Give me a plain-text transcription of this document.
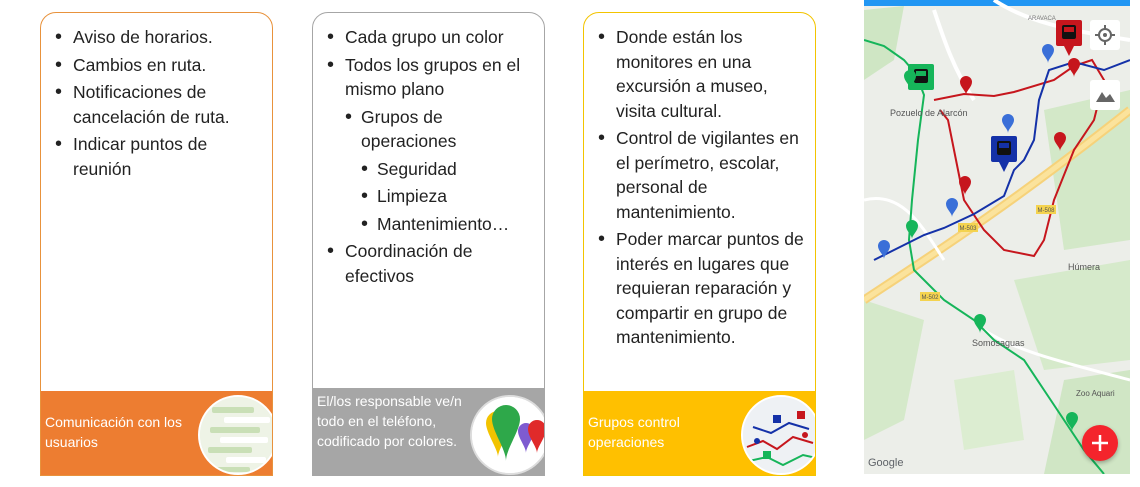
• Aviso de horarios.
• Cambios en ruta.
• Notificaciones de cancelación de ruta.
• Indicar puntos de reunión
Comunicación con los usuarios
• Cada grupo un color
• Todos los grupos en el mismo plano
• Grupos de operaciones
• Seguridad
• Limpieza
• Mantenimiento…
• Coordinación de efectivos
El/los responsable ve/n todo en el teléfono, codificado por colores.
• Donde están los monitores en una excursión a museo, visita cultural.
• Control de vigilantes en el perímetro, escolar, personal de mantenimiento.
• Poder marcar puntos de interés en lugares que requieran reparación y compartir en grupo de mantenimiento.
Grupos control operaciones
M-503
M-508
M-502
Pozuelo de Alarcón
Somosaguas
Húmera
Zoo Aquari
ARAVACA
Google
